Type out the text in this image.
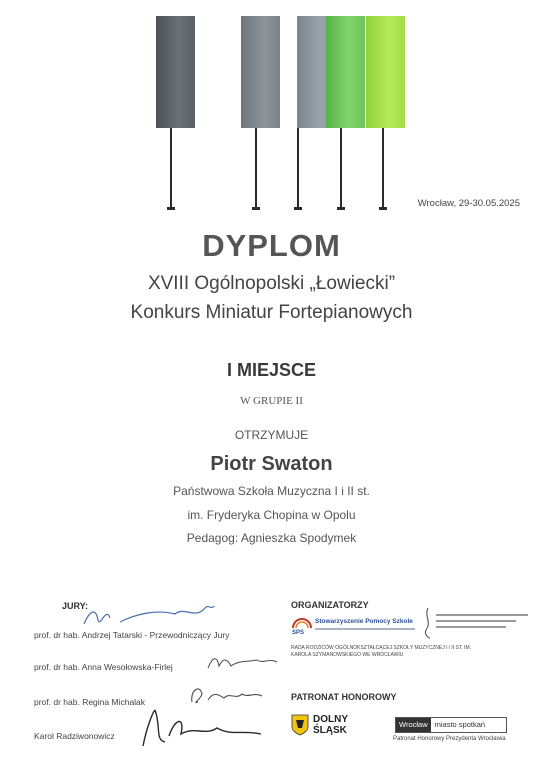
Wrocław, 29-30.05.2025
DYPLOM
XVIII Ogólnopolski „Łowiecki”
Konkurs Miniatur Fortepianowych
I MIEJSCE
W GRUPIE II
OTRZYMUJE
Piotr Swaton
Państwowa Szkoła Muzyczna I i II st.
im. Fryderyka Chopina w Opolu
Pedagog: Agnieszka Spodymek
JURY:
prof. dr hab. Andrzej Tatarski - Przewodniczący Jury
prof. dr hab. Anna Wesołowska-Firlej
prof. dr hab. Regina Michalak
Karol Radziwonowicz
ORGANIZATORZY
SPS
Stowarzyszenie Pomocy Szkole
RADA RODZICÓW OGÓLNOKSZTAŁCĄCEJ SZKOŁY MUZYCZNEJ I i II ST. IM. KAROLA SZYMANOWSKIEGO WE WROCŁAWIU
PATRONAT HONOROWY
DOLNY
ŚLĄSK
Wrocław miasto spotkań
Patronat Honorowy Prezydenta Wrocławia
